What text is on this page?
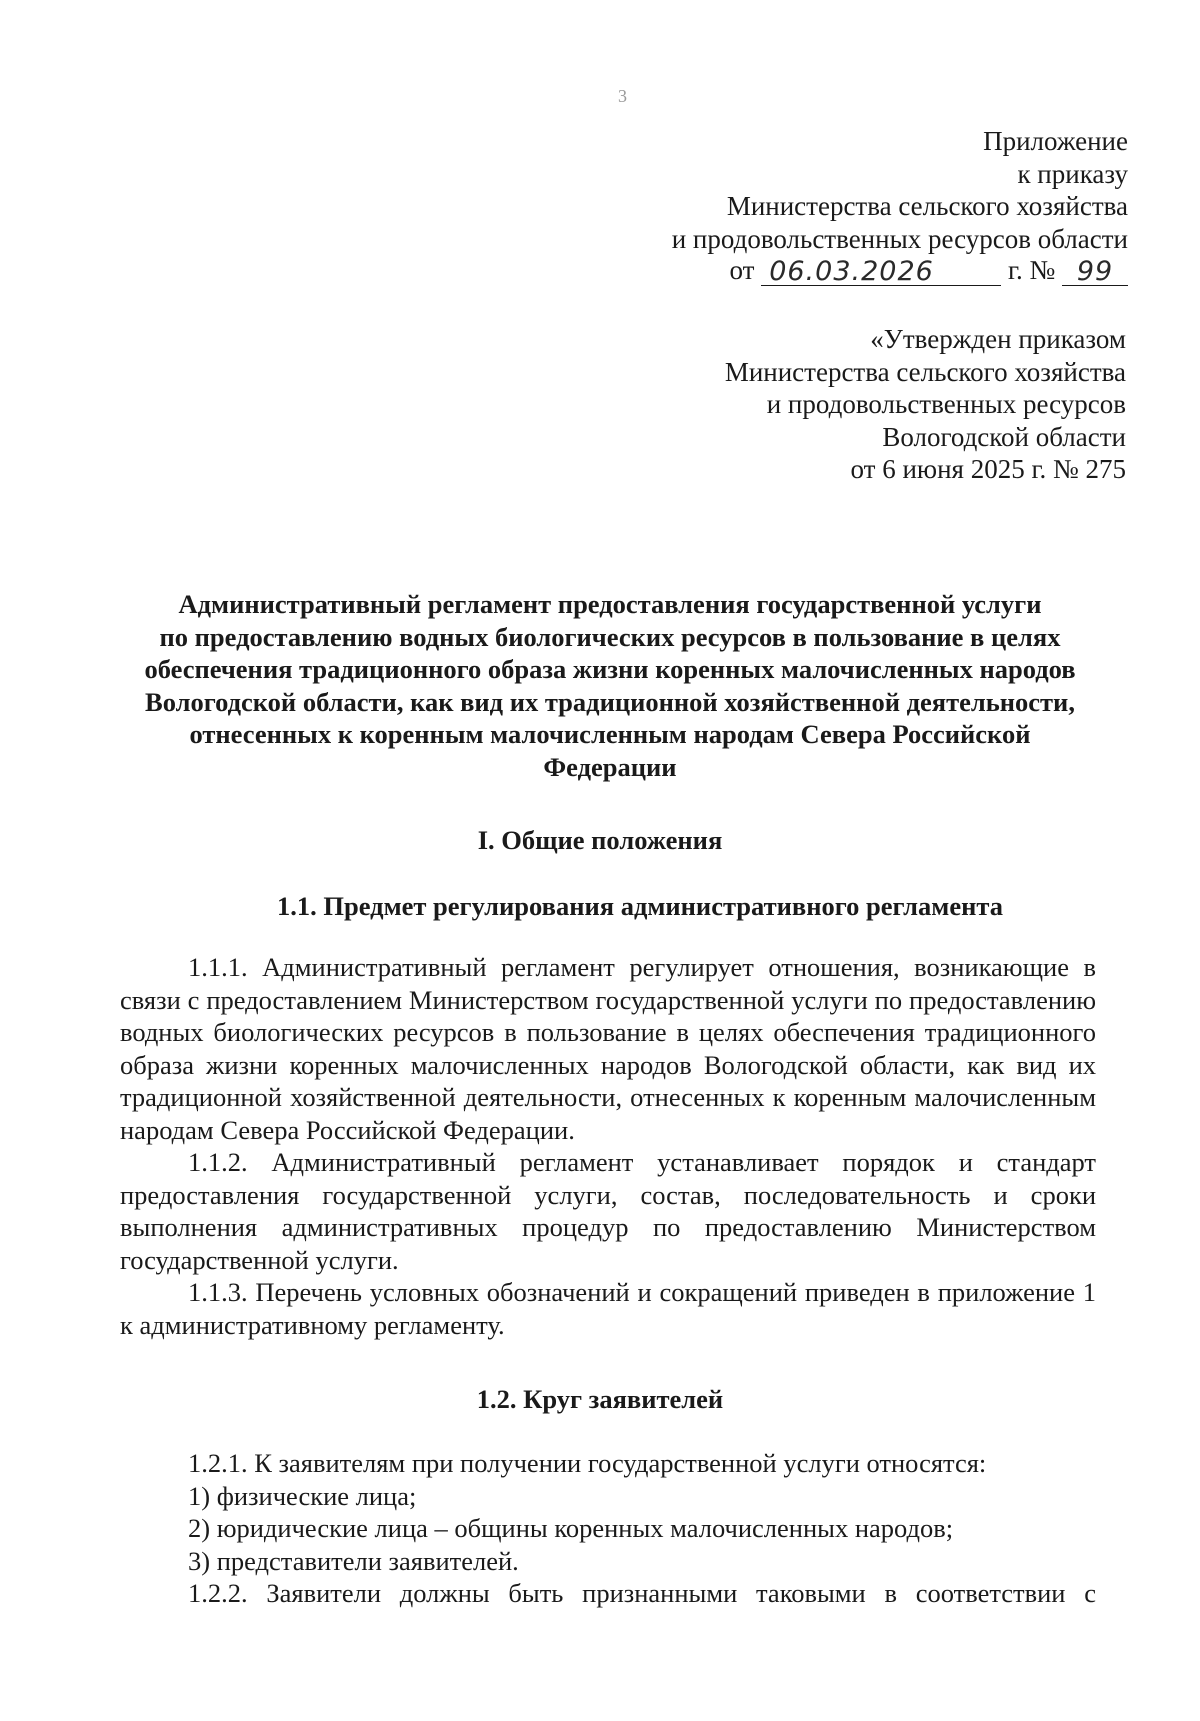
3
Приложение
к приказу
Министерства сельского хозяйства
и продовольственных ресурсов области
от 06.03.2026	г. № 99
«Утвержден приказом
Министерства сельского хозяйства
и продовольственных ресурсов
Вологодской области
от 6 июня 2025 г. № 275
Административный регламент предоставления государственной услуги
по предоставлению водных биологических ресурсов в пользование в целях
обеспечения традиционного образа жизни коренных малочисленных народов
Вологодской области, как вид их традиционной хозяйственной деятельности,
отнесенных к коренным малочисленным народам Севера Российской
Федерации
I. Общие положения
1.1. Предмет регулирования административного регламента
1.1.1. Административный регламент регулирует отношения, возникающие в связи с предоставлением Министерством государственной услуги по предоставлению водных биологических ресурсов в пользование в целях обеспечения традиционного образа жизни коренных малочисленных народов Вологодской области, как вид их традиционной хозяйственной деятельности, отнесенных к коренным малочисленным народам Севера Российской Федерации.
1.1.2. Административный регламент устанавливает порядок и стандарт предоставления государственной услуги, состав, последовательность и сроки выполнения административных процедур по предоставлению Министерством государственной услуги.
1.1.3. Перечень условных обозначений и сокращений приведен в приложение 1 к административному регламенту.
1.2. Круг заявителей
1.2.1. К заявителям при получении государственной услуги относятся:
1) физические лица;
2) юридические лица – общины коренных малочисленных народов;
3) представители заявителей.
1.2.2. Заявители должны быть признанными таковыми в соответствии с
